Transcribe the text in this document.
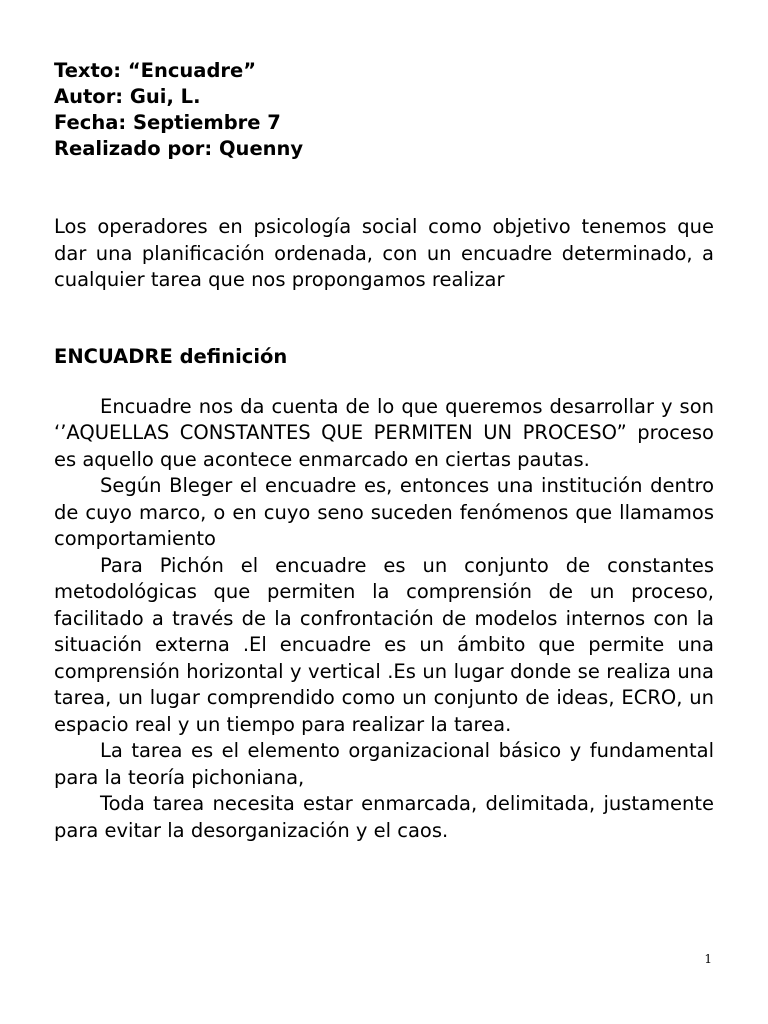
Texto: “Encuadre”

Autor: Gui, L.

Fecha: Septiembre 7

Realizado por: Quenny

Los operadores en psicología social como objetivo tenemos que dar una planificación ordenada, con un encuadre determinado, a cualquier tarea que nos propongamos realizar

ENCUADRE definición

Encuadre nos da cuenta de lo que queremos desarrollar y son ‘’AQUELLAS CONSTANTES QUE PERMITEN UN PROCESO” proceso es aquello que acontece enmarcado en ciertas pautas.

Según Bleger el encuadre es, entonces una institución dentro de cuyo marco, o en cuyo seno suceden fenómenos que llamamos comportamiento

Para Pichón el encuadre es un conjunto de constantes metodológicas que permiten la comprensión de un proceso, facilitado a través de la confrontación de modelos internos con la situación externa .El encuadre es un ámbito que permite una comprensión horizontal y vertical .Es un lugar donde se realiza una tarea, un lugar comprendido como un conjunto de ideas, ECRO, un espacio real y un tiempo para realizar la tarea.

La tarea es el elemento organizacional básico y fundamental para la teoría pichoniana,

Toda tarea necesita estar enmarcada, delimitada, justamente para evitar la desorganización y el caos.

1
